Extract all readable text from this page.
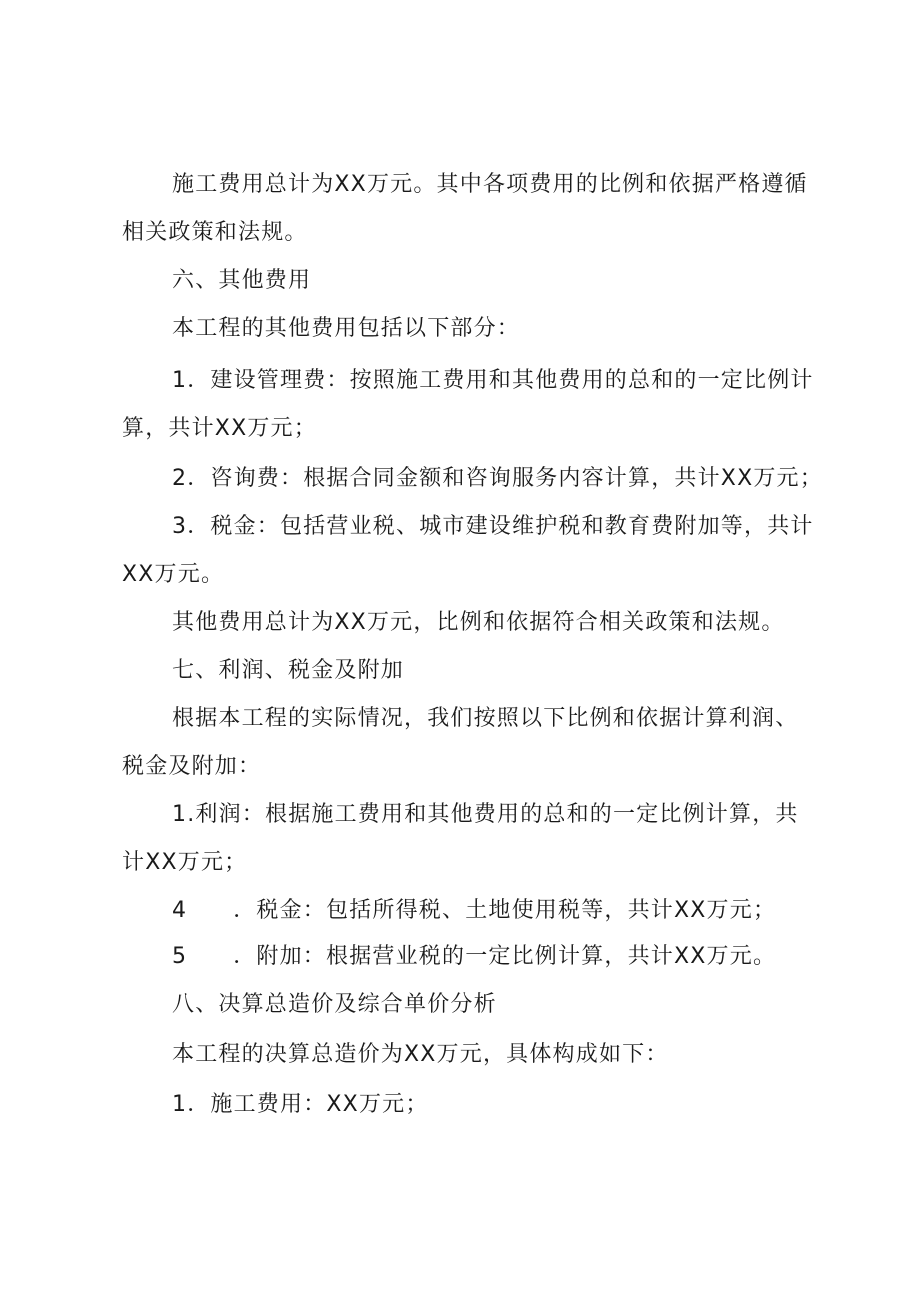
施工费用总计为XX万元。其中各项费用的比例和依据严格遵循
相关政策和法规。
六、其他费用
本工程的其他费用包括以下部分：
1．建设管理费：按照施工费用和其他费用的总和的一定比例计
算，共计XX万元；
2．咨询费：根据合同金额和咨询服务内容计算，共计XX万元；
3．税金：包括营业税、城市建设维护税和教育费附加等，共计
XX万元。
其他费用总计为XX万元，比例和依据符合相关政策和法规。
七、利润、税金及附加
根据本工程的实际情况，我们按照以下比例和依据计算利润、
税金及附加：
1.利润：根据施工费用和其他费用的总和的一定比例计算，共
计XX万元；
4 ．税金：包括所得税、土地使用税等，共计XX万元；
5 ．附加：根据营业税的一定比例计算，共计XX万元。
八、决算总造价及综合单价分析
本工程的决算总造价为XX万元，具体构成如下：
1．施工费用：XX万元；
